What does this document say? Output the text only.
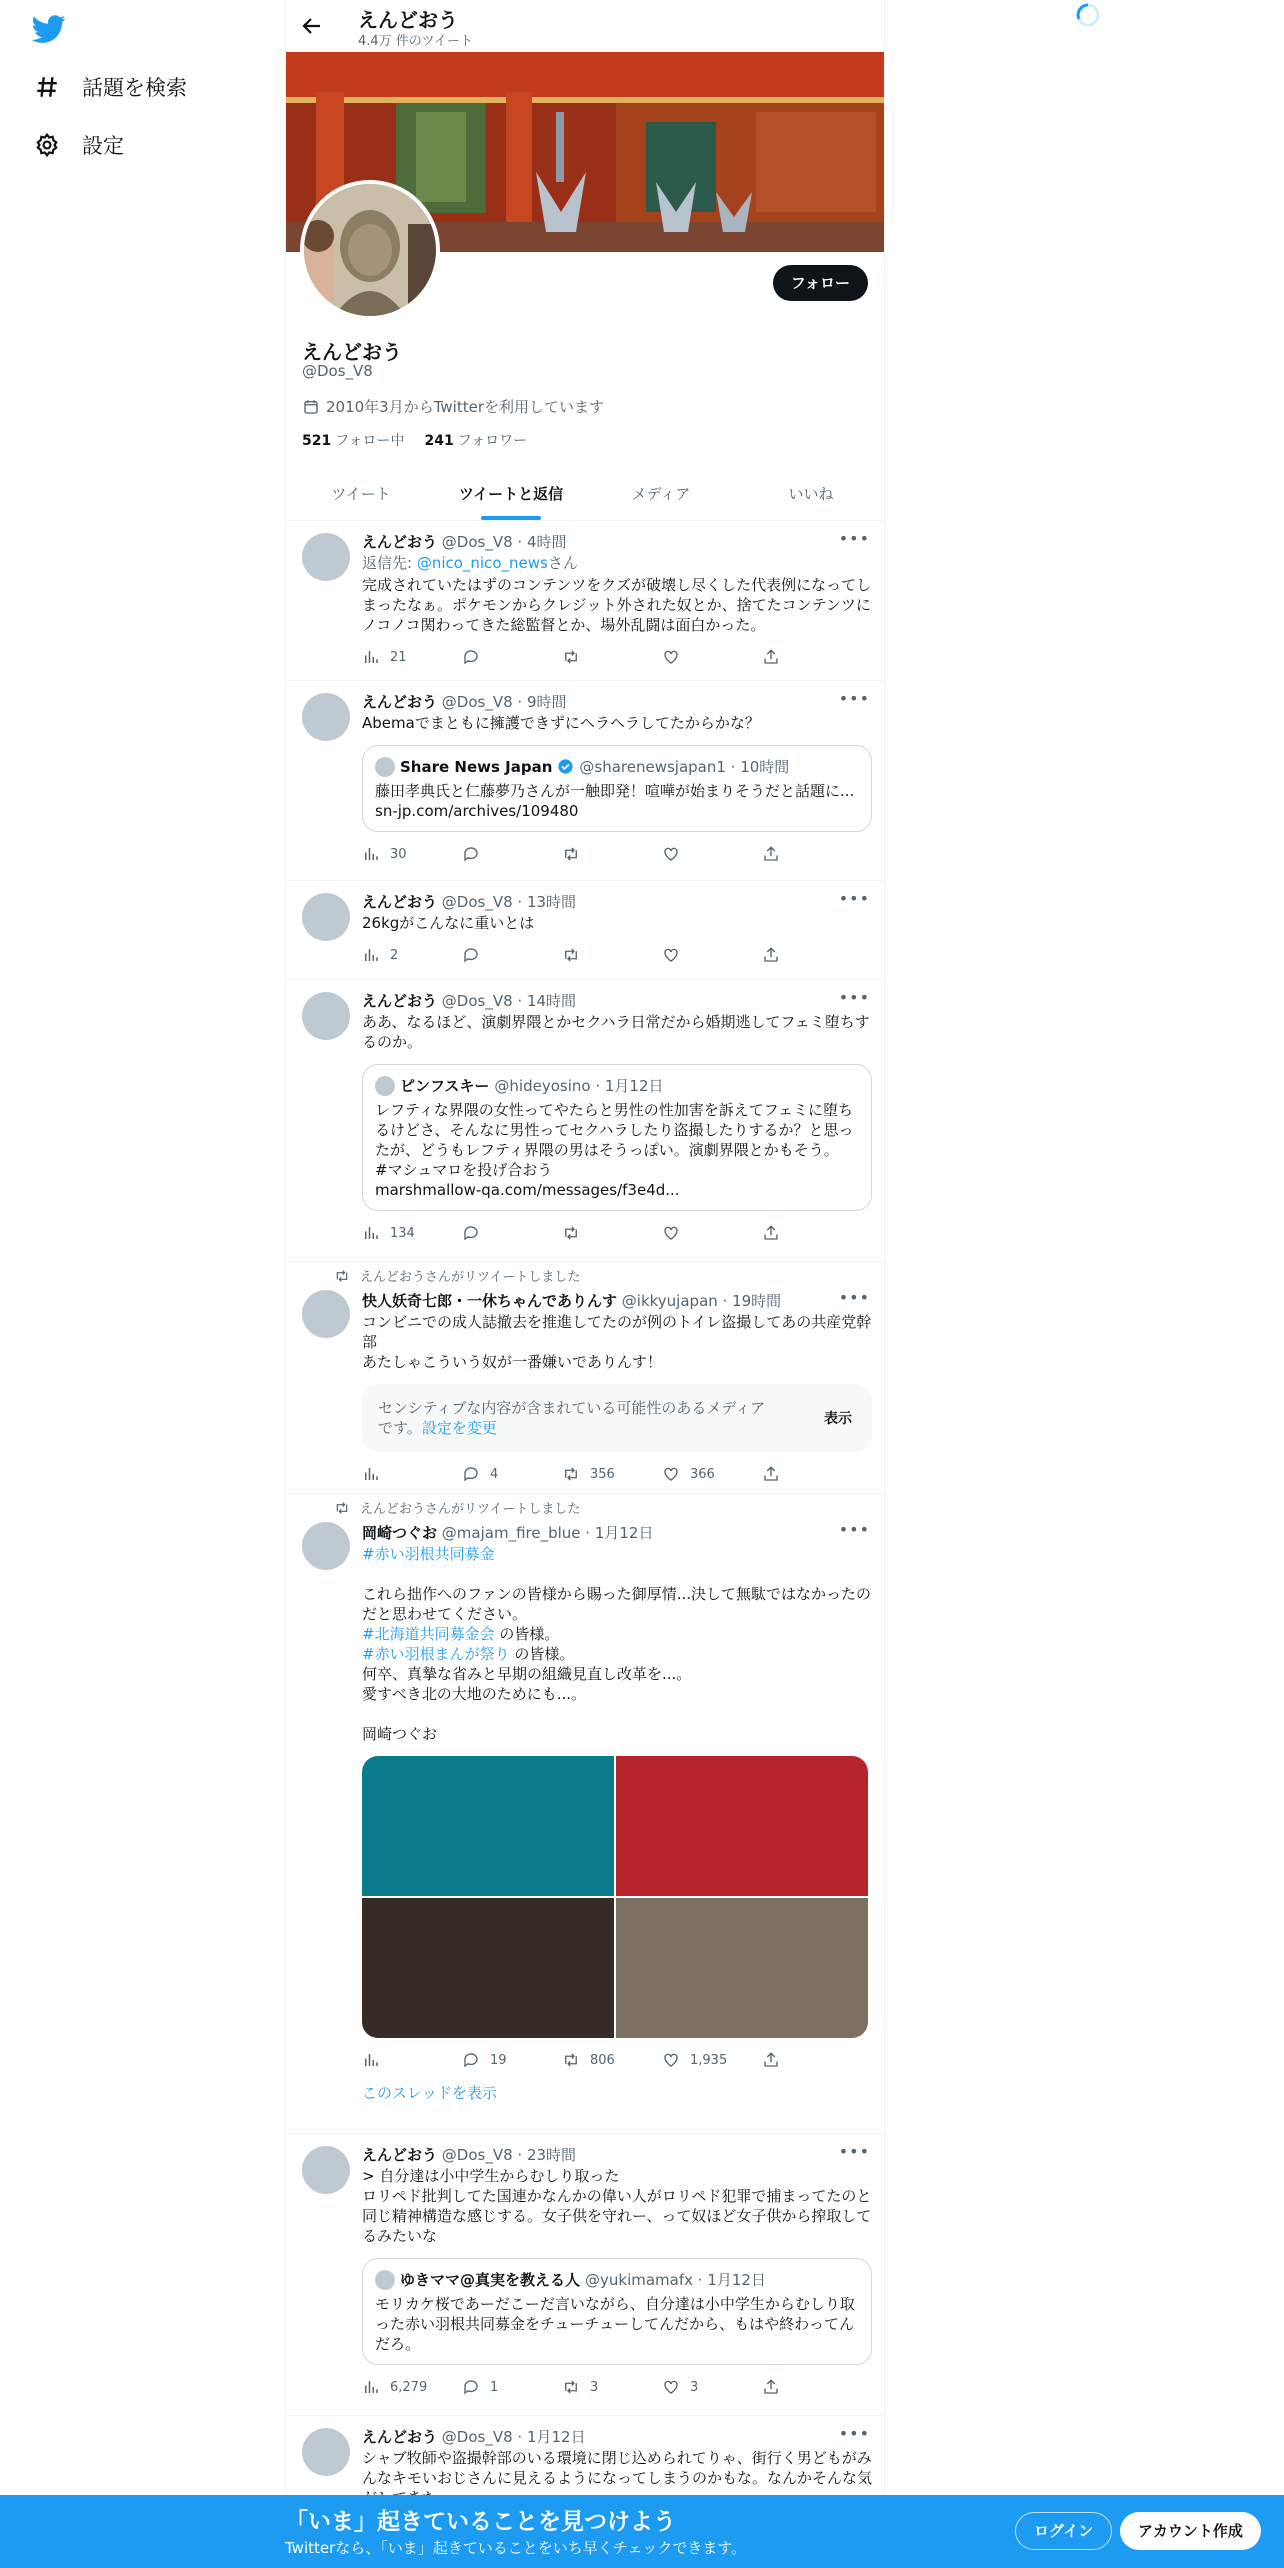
話題を検索
設定
えんどおう
4.4万 件のツイート
フォロー
えんどおう
@Dos_V8
2010年3月からTwitterを利用しています
521 フォロー中 241 フォロワー
ツイート	ツイートと返信	メディア	いいね
•••
えんどおう @Dos_V8 · 4時間
返信先: @nico_nico_newsさん
完成されていたはずのコンテンツをクズが破壊し尽くした代表例になってしまったなぁ。ポケモンからクレジット外された奴とか、捨てたコンテンツにノコノコ関わってきた総監督とか、場外乱闘は面白かった。
21
•••
えんどおう @Dos_V8 · 9時間
Abemaでまともに擁護できずにヘラヘラしてたからかな？
Share News Japan @sharenewsjapan1 · 10時間
藤田孝典氏と仁藤夢乃さんが一触即発！喧嘩が始まりそうだと話題に...
sn-jp.com/archives/109480
30
•••
えんどおう @Dos_V8 · 13時間
26kgがこんなに重いとは
2
•••
えんどおう @Dos_V8 · 14時間
ああ、なるほど、演劇界隈とかセクハラ日常だから婚期逃してフェミ堕ちするのか。
ピンフスキー @hideyosino · 1月12日
レフティな界隈の女性ってやたらと男性の性加害を訴えてフェミに堕ちるけどさ、そんなに男性ってセクハラしたり盗撮したりするか？と思ったが、どうもレフティ界隈の男はそうっぽい。演劇界隈とかもそう。
#マシュマロを投げ合おう
marshmallow-qa.com/messages/f3e4d...
134
えんどおうさんがリツイートしました
•••
快人妖奇七郎・一休ちゃんでありんす @ikkyujapan · 19時間
コンビニでの成人誌撤去を推進してたのが例のトイレ盗撮してあの共産党幹部
あたしゃこういう奴が一番嫌いでありんす！
センシティブな内容が含まれている可能性のあるメディアです。設定を変更	表示
4	356	366
えんどおうさんがリツイートしました
•••
岡崎つぐお @majam_fire_blue · 1月12日
#赤い羽根共同募金

これら拙作へのファンの皆様から賜った御厚情...決して無駄ではなかったのだと思わせてください。
#北海道共同募金会 の皆様。
#赤い羽根まんが祭り の皆様。
何卒、真摯な省みと早期の組織見直し改革を...。
愛すべき北の大地のためにも...。

岡崎つぐお
19	806	1,935
このスレッドを表示
•••
えんどおう @Dos_V8 · 23時間
> 自分達は小中学生からむしり取った
ロリペド批判してた国連かなんかの偉い人がロリペド犯罪で捕まってたのと同じ精神構造な感じする。女子供を守れー、って奴ほど女子供から搾取してるみたいな
ゆきママ@真実を教える人 @yukimamafx · 1月12日
モリカケ桜であーだこーだ言いながら、自分達は小中学生からむしり取った赤い羽根共同募金をチューチューしてんだから、もはや終わってんだろ。
6,279	1	3	3
•••
えんどおう @Dos_V8 · 1月12日
シャブ牧師や盗撮幹部のいる環境に閉じ込められてりゃ、街行く男どもがみんなキモいおじさんに見えるようになってしまうのかもな。なんかそんな気
「いま」起きていることを見つけよう
Twitterなら、「いま」起きていることをいち早くチェックできます。
ログイン	アカウント作成
